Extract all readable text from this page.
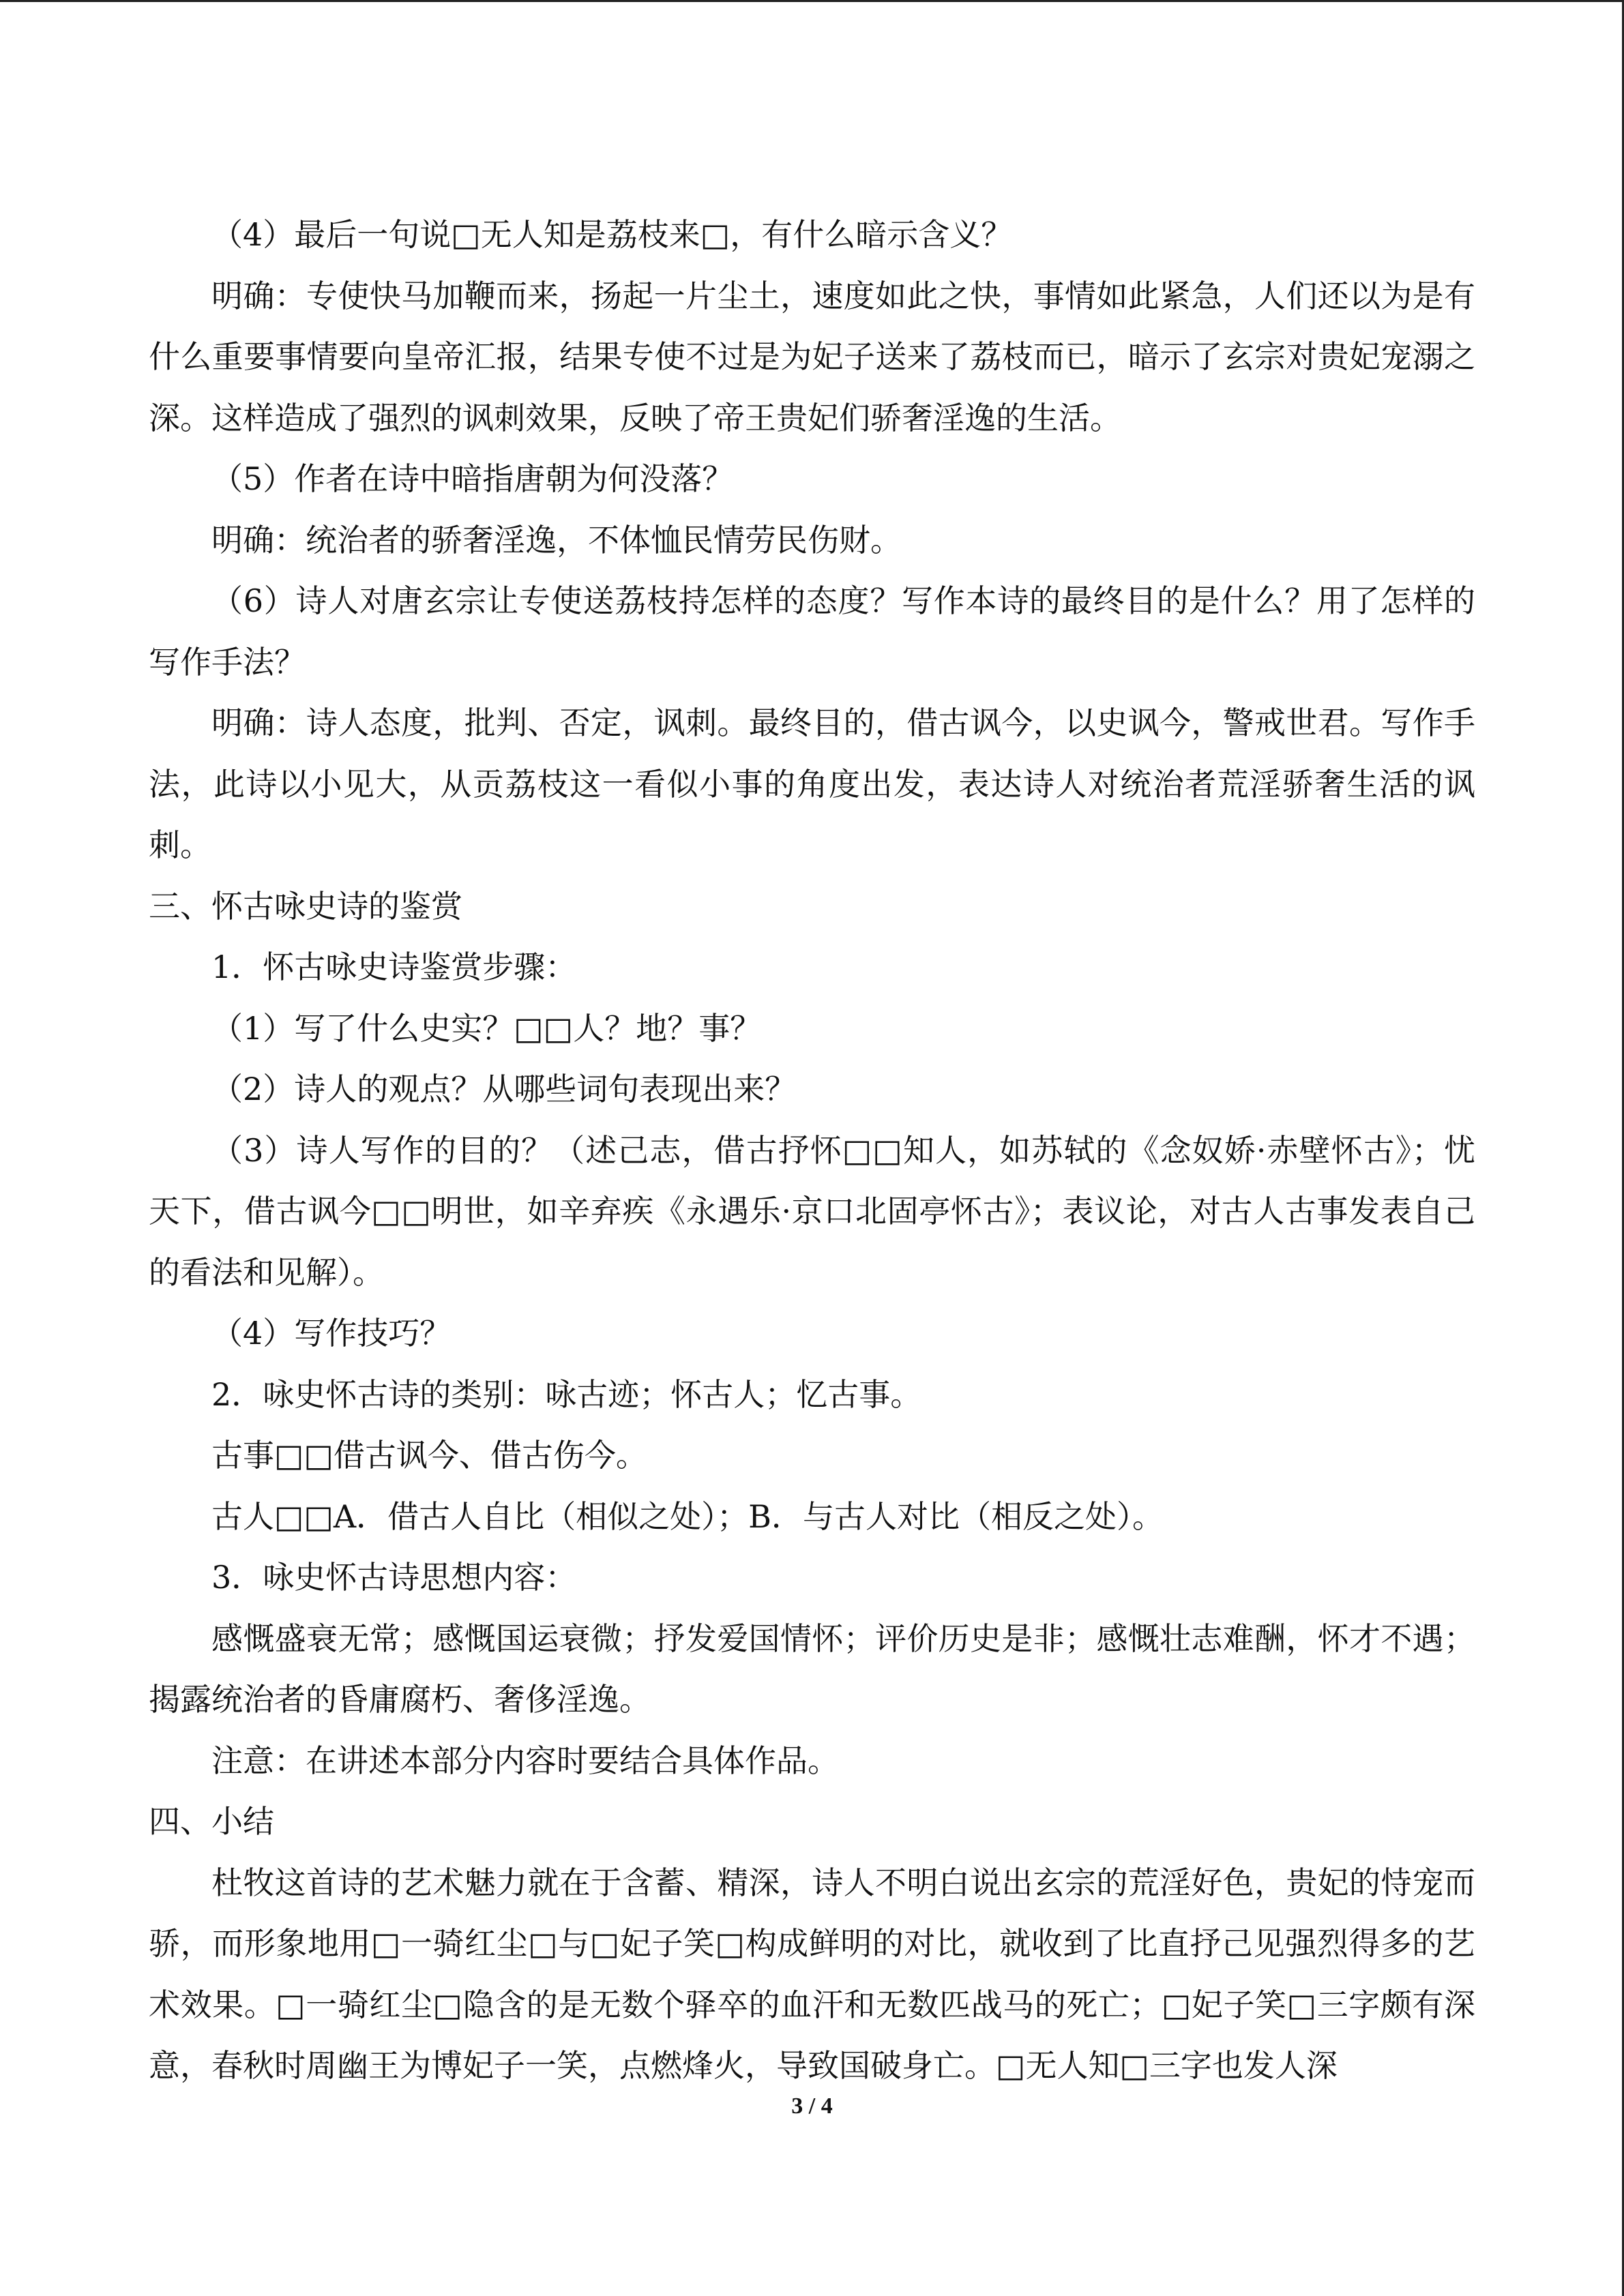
（4）最后一句说□无人知是荔枝来□，有什么暗示含义？

明确：专使快马加鞭而来，扬起一片尘土，速度如此之快，事情如此紧急，人们还以为是有什么重要事情要向皇帝汇报，结果专使不过是为妃子送来了荔枝而已，暗示了玄宗对贵妃宠溺之深。这样造成了强烈的讽刺效果，反映了帝王贵妃们骄奢淫逸的生活。

（5）作者在诗中暗指唐朝为何没落？

明确：统治者的骄奢淫逸，不体恤民情劳民伤财。

（6）诗人对唐玄宗让专使送荔枝持怎样的态度？写作本诗的最终目的是什么？用了怎样的写作手法？

明确：诗人态度，批判、否定，讽刺。最终目的，借古讽今，以史讽今，警戒世君。写作手法，此诗以小见大，从贡荔枝这一看似小事的角度出发，表达诗人对统治者荒淫骄奢生活的讽刺。

三、怀古咏史诗的鉴赏

1．怀古咏史诗鉴赏步骤：

（1）写了什么史实？□□人？地？事？

（2）诗人的观点？从哪些词句表现出来？

（3）诗人写作的目的？（述己志，借古抒怀□□知人，如苏轼的《念奴娇·赤壁怀古》；忧天下，借古讽今□□明世，如辛弃疾《永遇乐·京口北固亭怀古》；表议论，对古人古事发表自己的看法和见解）。

（4）写作技巧？

2．咏史怀古诗的类别：咏古迹；怀古人；忆古事。

古事□□借古讽今、借古伤今。

古人□□A．借古人自比（相似之处）；B．与古人对比（相反之处）。

3．咏史怀古诗思想内容：

感慨盛衰无常；感慨国运衰微；抒发爱国情怀；评价历史是非；感慨壮志难酬，怀才不遇；揭露统治者的昏庸腐朽、奢侈淫逸。

注意：在讲述本部分内容时要结合具体作品。

四、小结

杜牧这首诗的艺术魅力就在于含蓄、精深，诗人不明白说出玄宗的荒淫好色，贵妃的恃宠而骄，而形象地用□一骑红尘□与□妃子笑□构成鲜明的对比，就收到了比直抒己见强烈得多的艺术效果。□一骑红尘□隐含的是无数个驿卒的血汗和无数匹战马的死亡；□妃子笑□三字颇有深意，春秋时周幽王为博妃子一笑，点燃烽火，导致国破身亡。□无人知□三字也发人深

3 / 4
